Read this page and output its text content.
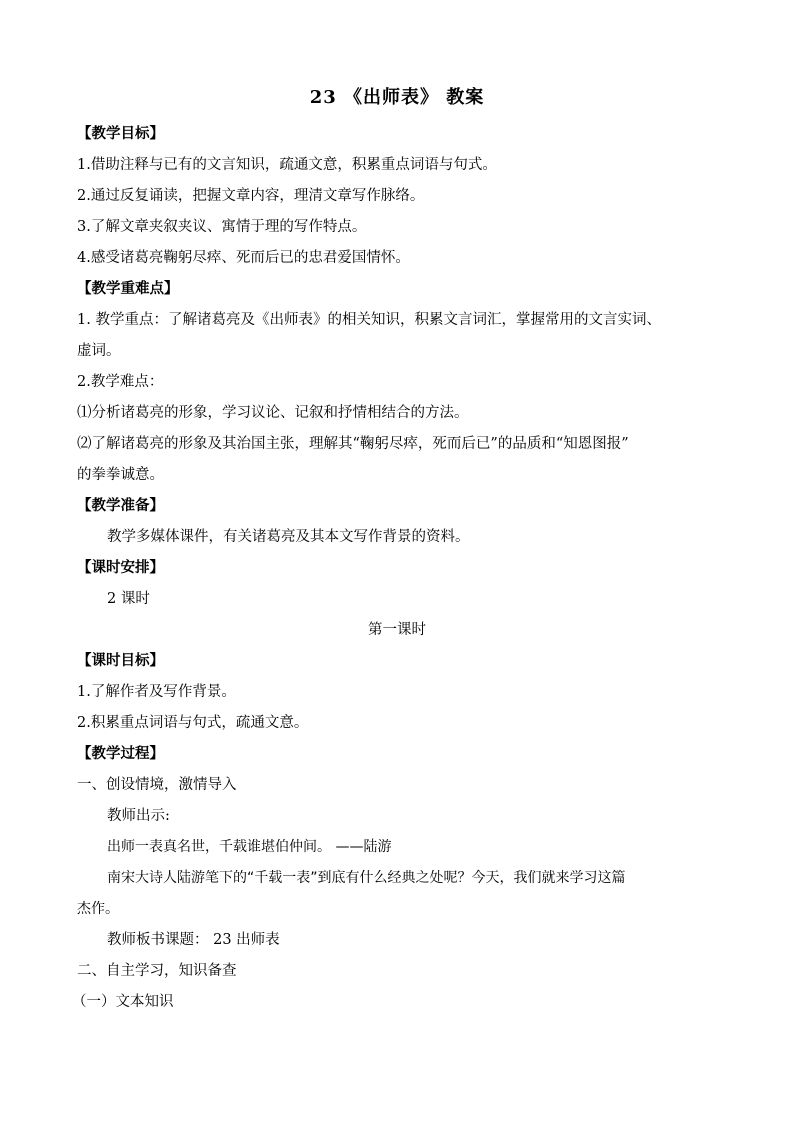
23 《出师表》 教案
【教学目标】
1.借助注释与已有的文言知识，疏通文意，积累重点词语与句式。
2.通过反复诵读，把握文章内容，理清文章写作脉络。
3.了解文章夹叙夹议、寓情于理的写作特点。
4.感受诸葛亮鞠躬尽瘁、死而后已的忠君爱国情怀。
【教学重难点】
1. 教学重点：了解诸葛亮及《出师表》的相关知识，积累文言词汇，掌握常用的文言实词、
虚词。
2.教学难点：
⑴分析诸葛亮的形象，学习议论、记叙和抒情相结合的方法。
⑵了解诸葛亮的形象及其治国主张，理解其“鞠躬尽瘁，死而后已”的品质和“知恩图报”
的拳拳诚意。
【教学准备】
教学多媒体课件，有关诸葛亮及其本文写作背景的资料。
【课时安排】
2 课时
第一课时
【课时目标】
1.了解作者及写作背景。
2.积累重点词语与句式，疏通文意。
【教学过程】
一、创设情境，激情导入
教师出示:
出师一表真名世，千载谁堪伯仲间。 ——陆游
南宋大诗人陆游笔下的“千载一表”到底有什么经典之处呢？今天，我们就来学习这篇
杰作。
教师板书课题： 23 出师表
二、自主学习，知识备查
（一）文本知识
